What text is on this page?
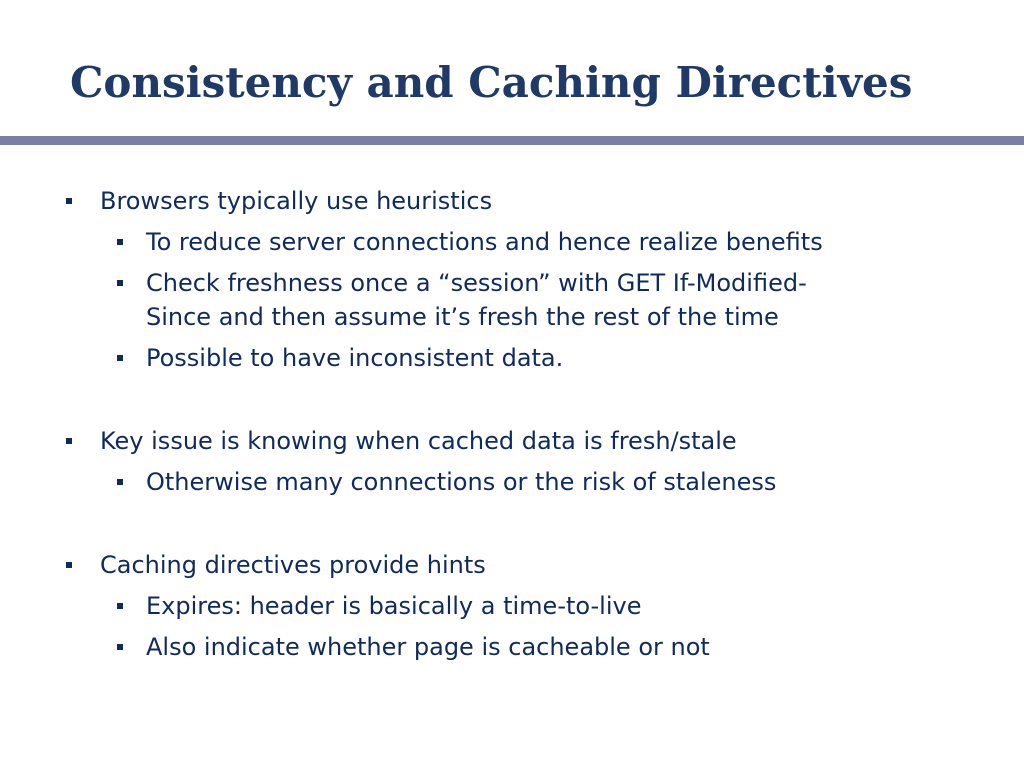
Consistency and Caching Directives
Browsers typically use heuristics
To reduce server connections and hence realize benefits
Check freshness once a “session” with GET If-Modified-
Since and then assume it’s fresh the rest of the time
Possible to have inconsistent data.
Key issue is knowing when cached data is fresh/stale
Otherwise many connections or the risk of staleness
Caching directives provide hints
Expires: header is basically a time-to-live
Also indicate whether page is cacheable or not
